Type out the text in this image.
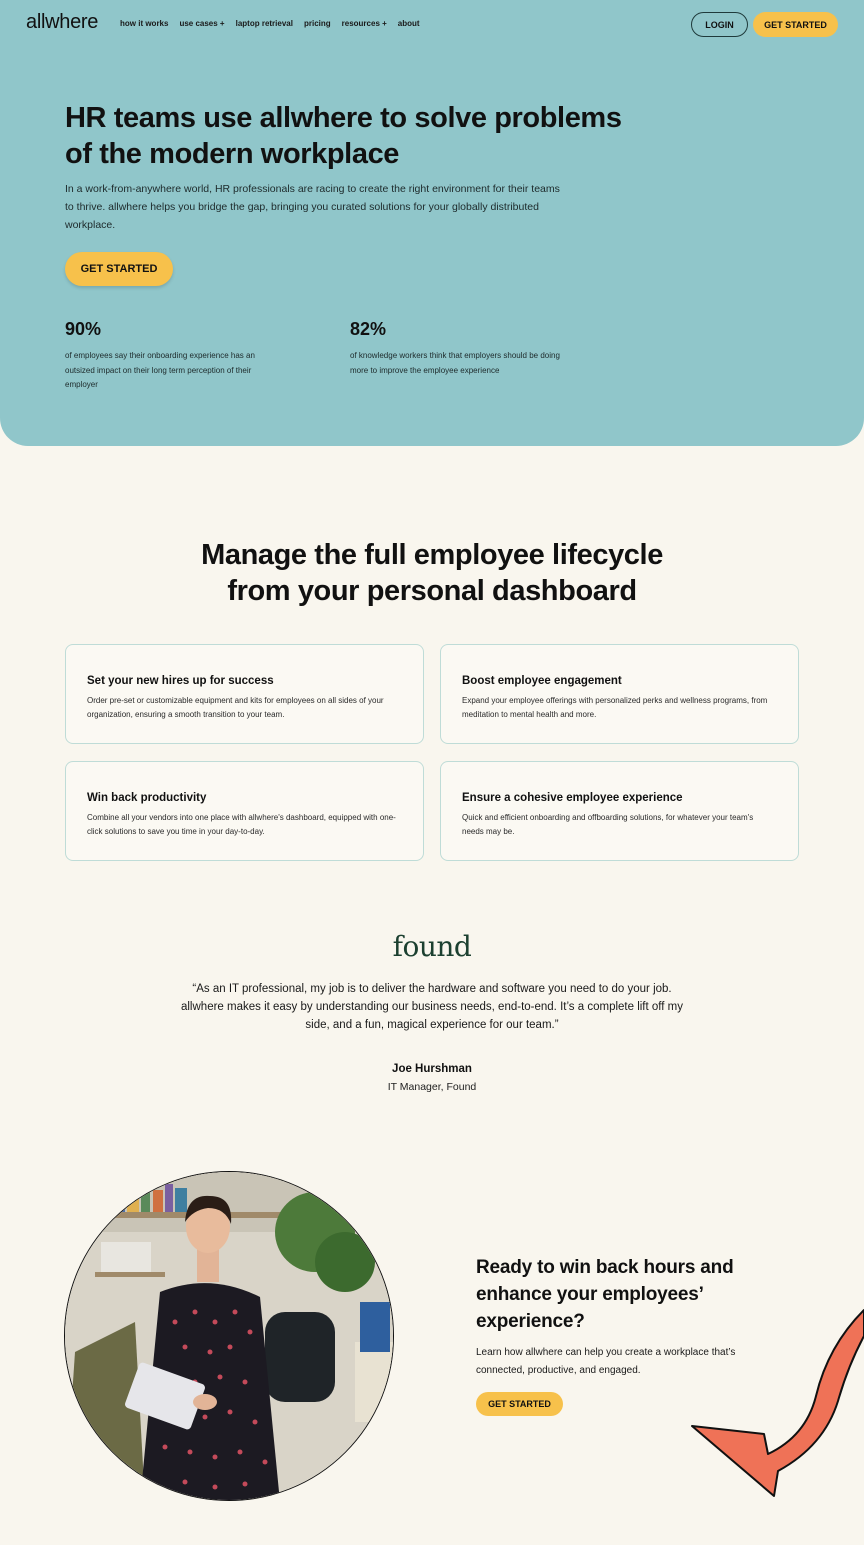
allwhere	how it works use cases + laptop retrieval pricing resources + about	LOGIN	GET STARTED
HR teams use allwhere to solve problems of the modern workplace

In a work-from-anywhere world, HR professionals are racing to create the right environment for their teams to thrive. allwhere helps you bridge the gap, bringing you curated solutions for your globally distributed workplace.

GET STARTED
90%
of employees say their onboarding experience has an outsized impact on their long term perception of their employer
82%
of knowledge workers think that employers should be doing more to improve the employee experience
Manage the full employee lifecycle from your personal dashboard
Set your new hires up for success
Order pre-set or customizable equipment and kits for employees on all sides of your organization, ensuring a smooth transition to your team.
Boost employee engagement
Expand your employee offerings with personalized perks and wellness programs, from meditation to mental health and more.
Win back productivity
Combine all your vendors into one place with allwhere's dashboard, equipped with one-click solutions to save you time in your day-to-day.
Ensure a cohesive employee experience
Quick and efficient onboarding and offboarding solutions, for whatever your team's needs may be.
found

“As an IT professional, my job is to deliver the hardware and software you need to do your job. allwhere makes it easy by understanding our business needs, end-to-end. It’s a complete lift off my side, and a fun, magical experience for our team.”

Joe Hurshman
IT Manager, Found
Ready to win back hours and enhance your employees’ experience?

Learn how allwhere can help you create a workplace that’s connected, productive, and engaged.

GET STARTED
